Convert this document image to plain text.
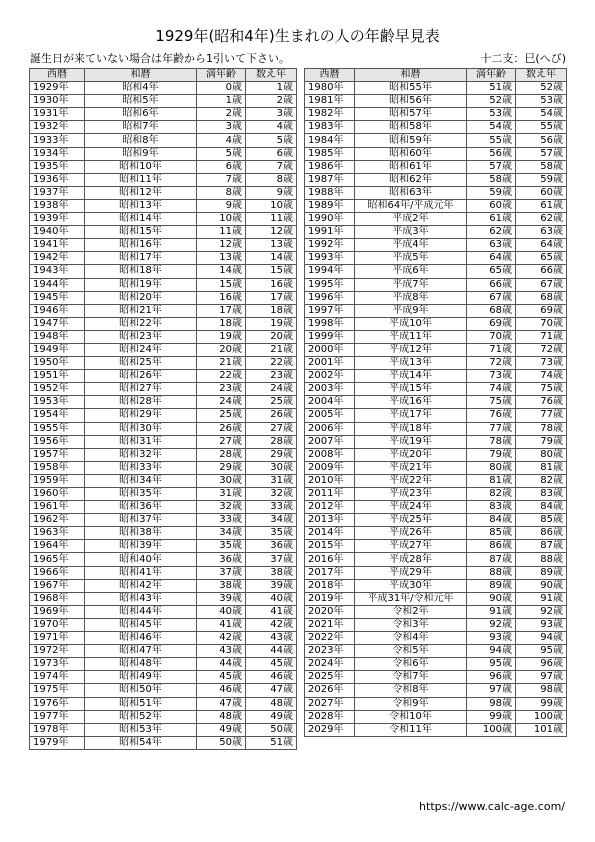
1929年(昭和4年)生まれの人の年齢早見表
誕生日が来ていない場合は年齢から1引いて下さい。	十二支：巳(へび)
西暦	和暦	満年齢	数え年
1929年	昭和4年	0歳	1歳
1930年	昭和5年	1歳	2歳
1931年	昭和6年	2歳	3歳
1932年	昭和7年	3歳	4歳
1933年	昭和8年	4歳	5歳
1934年	昭和9年	5歳	6歳
1935年	昭和10年	6歳	7歳
1936年	昭和11年	7歳	8歳
1937年	昭和12年	8歳	9歳
1938年	昭和13年	9歳	10歳
1939年	昭和14年	10歳	11歳
1940年	昭和15年	11歳	12歳
1941年	昭和16年	12歳	13歳
1942年	昭和17年	13歳	14歳
1943年	昭和18年	14歳	15歳
1944年	昭和19年	15歳	16歳
1945年	昭和20年	16歳	17歳
1946年	昭和21年	17歳	18歳
1947年	昭和22年	18歳	19歳
1948年	昭和23年	19歳	20歳
1949年	昭和24年	20歳	21歳
1950年	昭和25年	21歳	22歳
1951年	昭和26年	22歳	23歳
1952年	昭和27年	23歳	24歳
1953年	昭和28年	24歳	25歳
1954年	昭和29年	25歳	26歳
1955年	昭和30年	26歳	27歳
1956年	昭和31年	27歳	28歳
1957年	昭和32年	28歳	29歳
1958年	昭和33年	29歳	30歳
1959年	昭和34年	30歳	31歳
1960年	昭和35年	31歳	32歳
1961年	昭和36年	32歳	33歳
1962年	昭和37年	33歳	34歳
1963年	昭和38年	34歳	35歳
1964年	昭和39年	35歳	36歳
1965年	昭和40年	36歳	37歳
1966年	昭和41年	37歳	38歳
1967年	昭和42年	38歳	39歳
1968年	昭和43年	39歳	40歳
1969年	昭和44年	40歳	41歳
1970年	昭和45年	41歳	42歳
1971年	昭和46年	42歳	43歳
1972年	昭和47年	43歳	44歳
1973年	昭和48年	44歳	45歳
1974年	昭和49年	45歳	46歳
1975年	昭和50年	46歳	47歳
1976年	昭和51年	47歳	48歳
1977年	昭和52年	48歳	49歳
1978年	昭和53年	49歳	50歳
1979年	昭和54年	50歳	51歳
西暦	和暦	満年齢	数え年
1980年	昭和55年	51歳	52歳
1981年	昭和56年	52歳	53歳
1982年	昭和57年	53歳	54歳
1983年	昭和58年	54歳	55歳
1984年	昭和59年	55歳	56歳
1985年	昭和60年	56歳	57歳
1986年	昭和61年	57歳	58歳
1987年	昭和62年	58歳	59歳
1988年	昭和63年	59歳	60歳
1989年	昭和64年/平成元年	60歳	61歳
1990年	平成2年	61歳	62歳
1991年	平成3年	62歳	63歳
1992年	平成4年	63歳	64歳
1993年	平成5年	64歳	65歳
1994年	平成6年	65歳	66歳
1995年	平成7年	66歳	67歳
1996年	平成8年	67歳	68歳
1997年	平成9年	68歳	69歳
1998年	平成10年	69歳	70歳
1999年	平成11年	70歳	71歳
2000年	平成12年	71歳	72歳
2001年	平成13年	72歳	73歳
2002年	平成14年	73歳	74歳
2003年	平成15年	74歳	75歳
2004年	平成16年	75歳	76歳
2005年	平成17年	76歳	77歳
2006年	平成18年	77歳	78歳
2007年	平成19年	78歳	79歳
2008年	平成20年	79歳	80歳
2009年	平成21年	80歳	81歳
2010年	平成22年	81歳	82歳
2011年	平成23年	82歳	83歳
2012年	平成24年	83歳	84歳
2013年	平成25年	84歳	85歳
2014年	平成26年	85歳	86歳
2015年	平成27年	86歳	87歳
2016年	平成28年	87歳	88歳
2017年	平成29年	88歳	89歳
2018年	平成30年	89歳	90歳
2019年	平成31年/令和元年	90歳	91歳
2020年	令和2年	91歳	92歳
2021年	令和3年	92歳	93歳
2022年	令和4年	93歳	94歳
2023年	令和5年	94歳	95歳
2024年	令和6年	95歳	96歳
2025年	令和7年	96歳	97歳
2026年	令和8年	97歳	98歳
2027年	令和9年	98歳	99歳
2028年	令和10年	99歳	100歳
2029年	令和11年	100歳	101歳
https://www.calc-age.com/
